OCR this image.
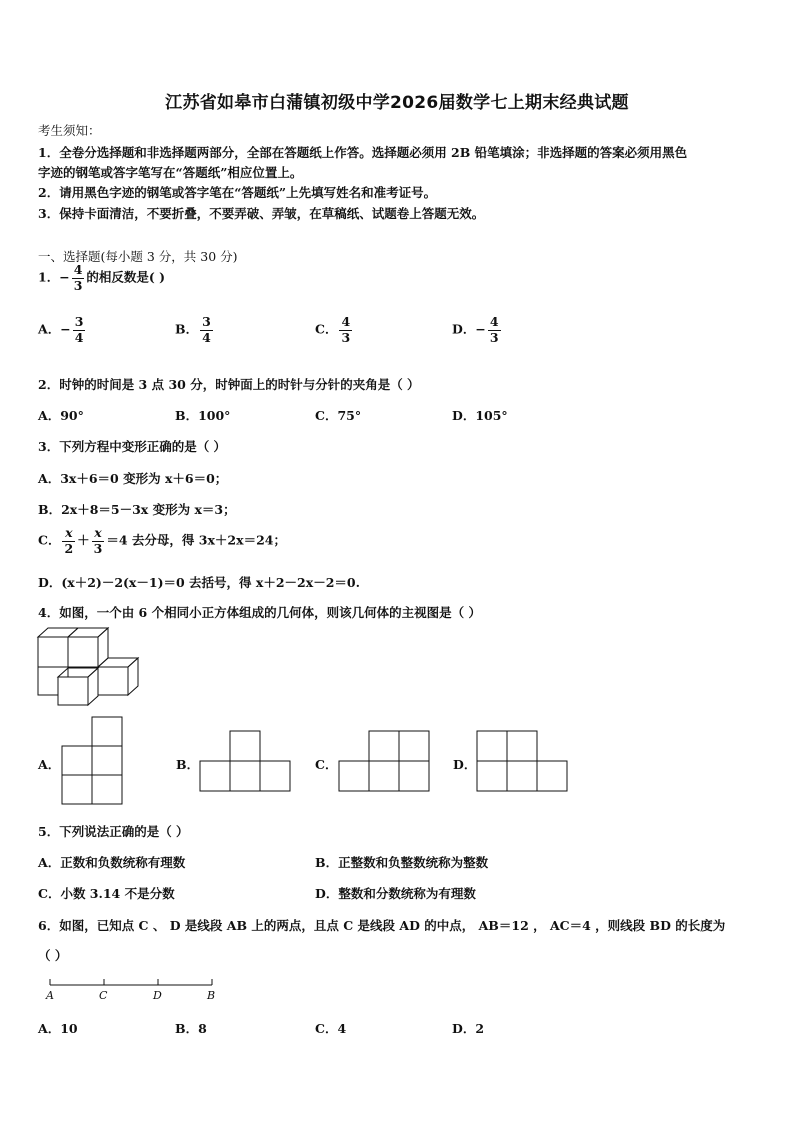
江苏省如皋市白蒲镇初级中学2026届数学七上期末经典试题
考生须知：
1．全卷分选择题和非选择题两部分，全部在答题纸上作答。选择题必须用 2B 铅笔填涂；非选择题的答案必须用黑色
字迹的钢笔或答字笔写在“答题纸”相应位置上。
2．请用黑色字迹的钢笔或答字笔在“答题纸”上先填写姓名和准考证号。
3．保持卡面清洁，不要折叠，不要弄破、弄皱，在草稿纸、试题卷上答题无效。
一、选择题(每小题 3 分，共 30 分)
1．− $\frac{4}{3}$ 的相反数是( )
A．− $\frac{3}{4}$	B． $\frac{3}{4}$	C． $\frac{4}{3}$	D．− $\frac{4}{3}$
2．时钟的时间是 3 点 30 分，时钟面上的时针与分针的夹角是（ ）
A．90°	B．100°	C．75°	D．105°
3．下列方程中变形正确的是（ ）
A．3x＋6＝0 变形为 x＋6＝0；
B．2x＋8＝5－3x 变形为 x＝3；
C． $\frac{x}{2} + \frac{x}{3} =4$ 去分母，得 3x＋2x＝24；
D．(x＋2)－2(x－1)＝0 去括号，得 x＋2－2x－2＝0.
4．如图，一个由 6 个相同小正方体组成的几何体，则该几何体的主视图是（ ）
A．	B．	C．	D．
5．下列说法正确的是（ ）
A．正数和负数统称有理数	B．正整数和负整数统称为整数
C．小数 3.14 不是分数	D．整数和分数统称为有理数
6．如图，已知点 C 、 D 是线段 AB 上的两点，且点 C 是线段 AD 的中点， AB＝12 ， AC＝4 ，则线段 BD 的长度为
（ ）
A	C	D	B
A．10	B．8	C．4	D．2
